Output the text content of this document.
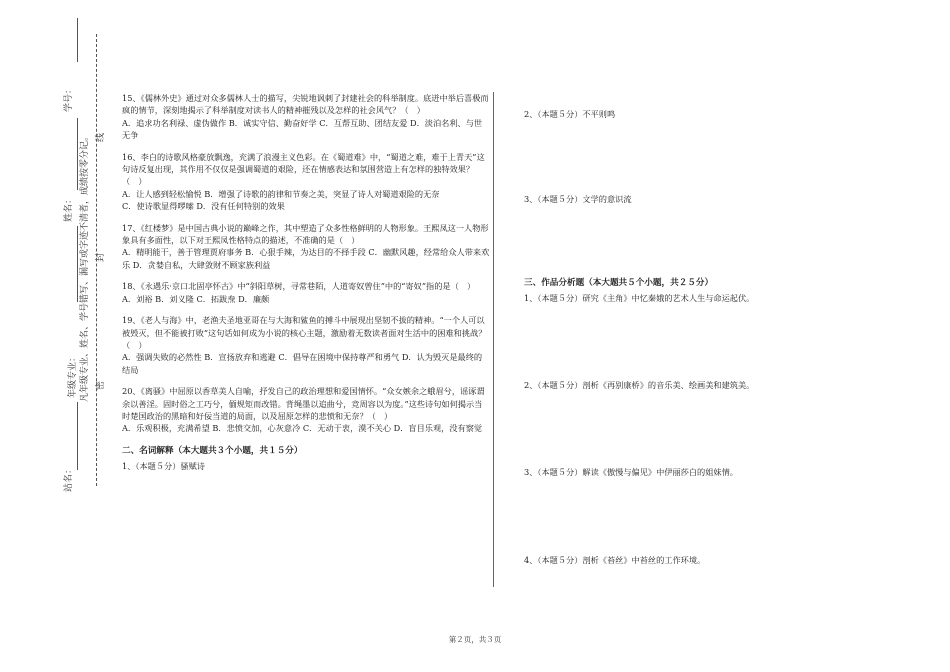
学号：
姓名：
年级专业：
站名：
凡年级专业、姓名、学号错写、漏写或字迹不清者，成绩按零分记。 线
封
密
15、《儒林外史》通过对众多儒林人士的描写，尖锐地讽刺了封建社会的科举制度。底迸中举后喜极而疯的情节，深刻地揭示了科举制度对读书人的精神摧残以及怎样的社会风气？（　）
A．追求功名利禄、虚伪做作 B．诚实守信、勤奋好学 C．互帮互助、团结友爱 D．淡泊名利、与世无争
16、李白的诗歌风格豪放飘逸，充满了浪漫主义色彩。在《蜀道难》中，“蜀道之难，难于上青天”这句诗反复出现，其作用不仅仅是强调蜀道的艰险，还在情感表达和氛围营造上有怎样的独特效果？（　）
A．让人感到轻松愉悦 B．增强了诗歌的韵律和节奏之美，突显了诗人对蜀道艰险的无奈
C．使诗歌显得啰嗦 D．没有任何特别的效果
17、《红楼梦》是中国古典小说的巅峰之作，其中塑造了众多性格鲜明的人物形象。王熙凤这一人物形象具有多面性，以下对王熙凤性格特点的描述，不准确的是（　）
A．精明能干，善于管理贾府事务 B．心狠手辣，为达目的不择手段 C．幽默风趣，经常给众人带来欢乐 D．贪婪自私，大肆敛财不顾家族利益
18、《永遇乐·京口北固亭怀古》中“斜阳草树，寻常巷陌，人道寄奴曾住”中的“寄奴”指的是（　）
A．刘裕 B．刘义隆 C．拓跋焘 D．廉颇
19、《老人与海》中，老渔夫圣地亚哥在与大海和鲨鱼的搏斗中展现出坚韧不拔的精神。“一个人可以被毁灭，但不能被打败”这句话如何成为小说的核心主题，激励着无数读者面对生活中的困难和挑战？（　）
A．强调失败的必然性 B．宣扬放弃和逃避 C．倡导在困境中保持尊严和勇气 D．认为毁灭是最终的结局
20、《离骚》中屈原以香草美人自喻，抒发自己的政治理想和爱国情怀。“众女嫉余之蛾眉兮，谣诼谓余以善淫。固时俗之工巧兮，偭规矩而改错。背绳墨以追曲兮，竞周容以为度。”这些诗句如何揭示当时楚国政治的黑暗和好佞当道的局面，以及屈原怎样的悲愤和无奈？（　）
A．乐观积极，充满希望 B．悲愤交加，心灰意冷 C．无动于衷，漠不关心 D．盲目乐观，没有察觉
二、名词解释（本大题共３个小题，共１５分）
1、（本题５分）骚赋诗
2、（本题５分）不平则鸣
3、（本题５分）文学的意识流
三、作品分析题（本大题共５个小题，共２５分）
1、（本题５分）研究《主角》中忆秦娥的艺术人生与命运起伏。
2、（本题５分）剖析《再别康桥》的音乐美、绘画美和建筑美。
3、（本题５分）解读《傲慢与偏见》中伊丽莎白的姐妹情。
4、（本题５分）剖析《苔丝》中苔丝的工作环境。
第２页，共３页
